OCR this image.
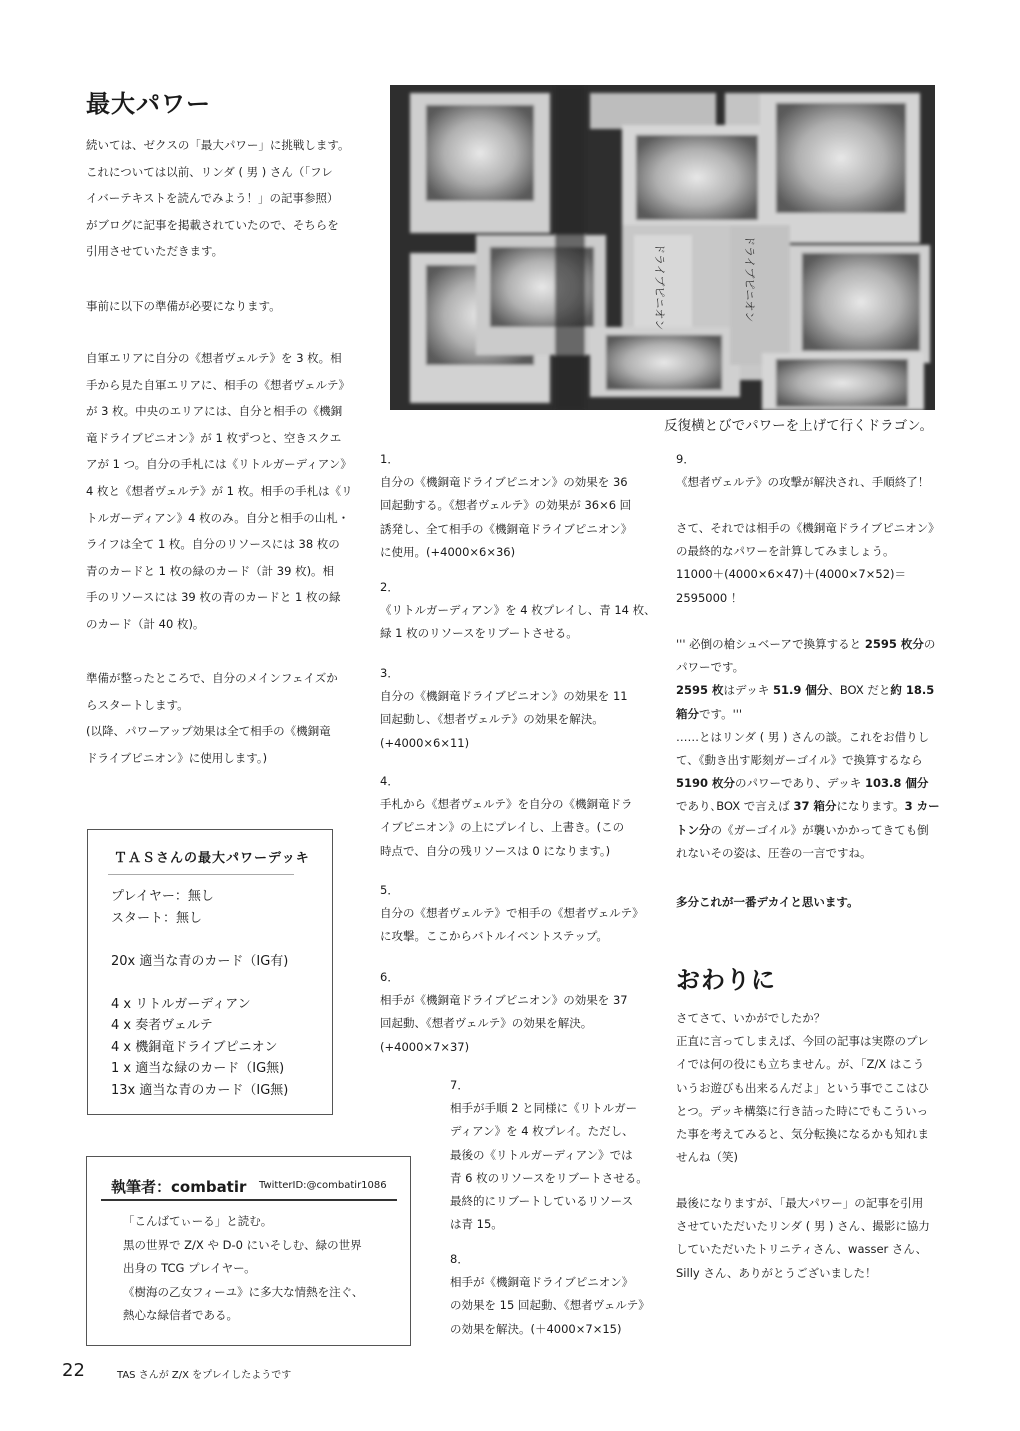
最大パワー
続いては、ゼクスの「最大パワー」に挑戦します。
これについては以前、リンダ ( 男 ) さん（「フレ
イバーテキストを読んでみよう！」の記事参照）
がブログに記事を掲載されていたので、そちらを
引用させていただきます。
事前に以下の準備が必要になります。
自軍エリアに自分の《想者ヴェルテ》を 3 枚。相
手から見た自軍エリアに、相手の《想者ヴェルテ》
が 3 枚。中央のエリアには、自分と相手の《機銅
竜ドライブピニオン》が 1 枚ずつと、空きスクエ
アが 1 つ。自分の手札には《リトルガーディアン》
4 枚と《想者ヴェルテ》が 1 枚。相手の手札は《リ
トルガーディアン》4 枚のみ。自分と相手の山札・
ライフは全て 1 枚。自分のリソースには 38 枚の
青のカードと 1 枚の緑のカード（計 39 枚)。相
手のリソースには 39 枚の青のカードと 1 枚の緑
のカード（計 40 枚)。
準備が整ったところで、自分のメインフェイズか
らスタートします。
(以降、パワーアップ効果は全て相手の《機銅竜
ドライブピニオン》に使用します。)
ＴＡＳさんの最大パワーデッキ
プレイヤー：無し
スタート：無し
20x 適当な青のカード（IG有)
4 x リトルガーディアン
4 x 奏者ヴェルテ
4 x 機銅竜ドライブピニオン
1 x 適当な緑のカード（IG無)
13x 適当な青のカード（IG無)
執筆者：combatir TwitterID:@combatir1086
「こんばてぃーる」と読む。
黒の世界で Z/X や D-0 にいそしむ、緑の世界
出身の TCG プレイヤー。
《樹海の乙女フィーユ》に多大な情熱を注ぐ、
熱心な緑信者である。
ドライブピニオン	ドライブピニオン
反復横とびでパワーを上げて行くドラゴン。
1．
自分の《機銅竜ドライブピニオン》の効果を 36
回起動する。《想者ヴェルテ》の効果が 36×6 回
誘発し、全て相手の《機銅竜ドライブピニオン》
に使用。(+4000×6×36)
2．
《リトルガーディアン》を 4 枚プレイし、青 14 枚、
緑 1 枚のリソースをリブートさせる。
3．
自分の《機銅竜ドライブピニオン》の効果を 11
回起動し、《想者ヴェルテ》の効果を解決。
(+4000×6×11)
4．
手札から《想者ヴェルテ》を自分の《機銅竜ドラ
イブピニオン》の上にプレイし、上書き。(この
時点で、自分の残リソースは 0 になります。)
5．
自分の《想者ヴェルテ》で相手の《想者ヴェルテ》
に攻撃。ここからバトルイベントステップ。
6．
相手が《機銅竜ドライブピニオン》の効果を 37
回起動、《想者ヴェルテ》の効果を解決。
(+4000×7×37)
7．
相手が手順 2 と同様に《リトルガー
ディアン》を 4 枚プレイ。ただし、
最後の《リトルガーディアン》では
青 6 枚のリソースをリブートさせる。
最終的にリブートしているリソース
は青 15。
8．
相手が《機銅竜ドライブピニオン》
の効果を 15 回起動、《想者ヴェルテ》
の効果を解決。(＋4000×7×15)
9．
《想者ヴェルテ》の攻撃が解決され、手順終了！
さて、それでは相手の《機銅竜ドライブピニオン》
の最終的なパワーを計算してみましょう。
11000＋(4000×6×47)＋(4000×7×52)＝
2595000 ！
''' 必倒の槍シュベーアで換算すると 2595 枚分の
パワーです。
2595 枚はデッキ 51.9 個分、BOX だと約 18.5
箱分です。'''
……とはリンダ ( 男 ) さんの談。これをお借りし
て、《動き出す彫刻ガーゴイル》で換算するなら
5190 枚分のパワーであり、デッキ 103.8 個分
であり､BOX で言えば 37 箱分になります。3 カー
トン分の《ガーゴイル》が襲いかかってきても倒
れないその姿は、圧巻の一言ですね。
多分これが一番デカイと思います。
おわりに
さてさて、いかがでしたか？
正直に言ってしまえば、今回の記事は実際のプレ
イでは何の役にも立ちません。が、「Z/X はこう
いうお遊びも出来るんだよ」という事でここはひ
とつ。デッキ構築に行き詰った時にでもこういっ
た事を考えてみると、気分転換になるかも知れま
せんね（笑)
最後になりますが、「最大パワー」の記事を引用
させていただいたリンダ ( 男 ) さん、撮影に協力
していただいたトリニティさん、wasser さん、
Silly さん、ありがとうございました！
22	TAS さんが Z/X をプレイしたようです
